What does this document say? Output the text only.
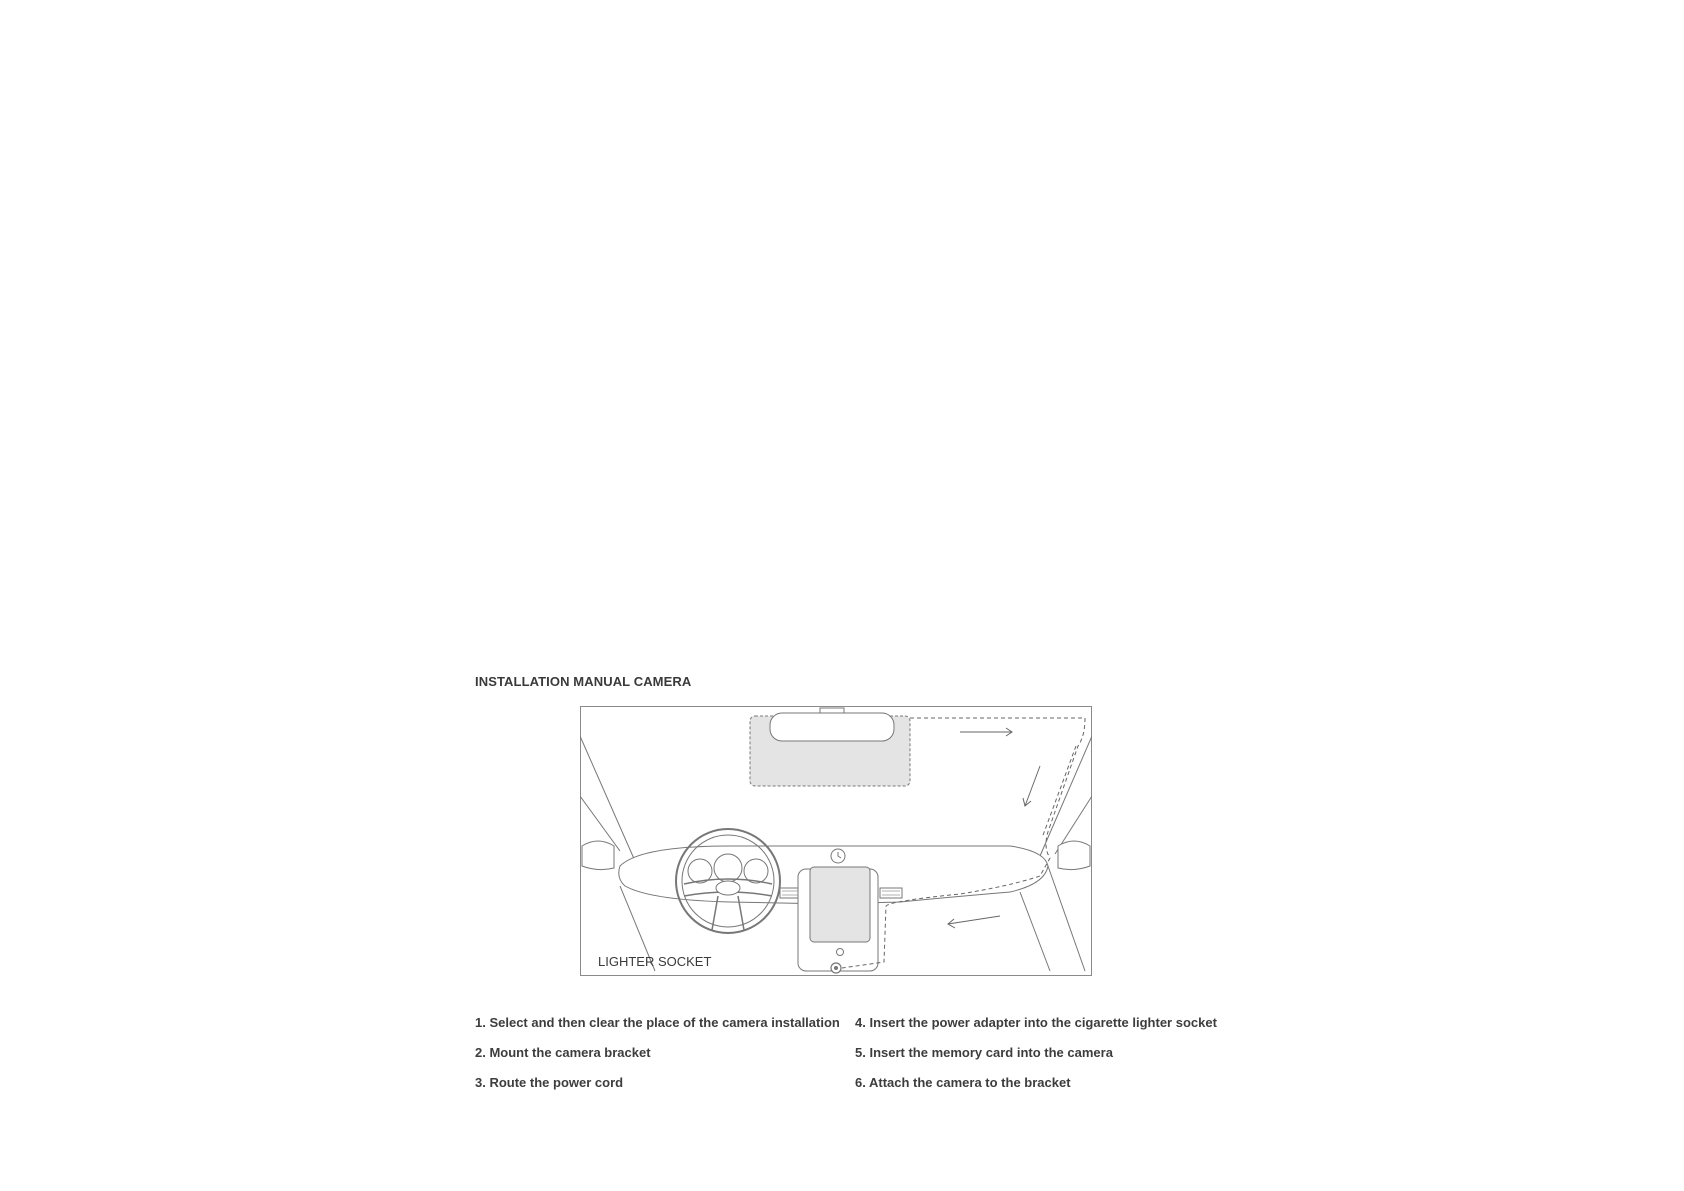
INSTALLATION MANUAL CAMERA
LIGHTER SOCKET
1. Select and then clear the place of the camera installation
2. Mount the camera bracket
3. Route the power cord
4. Insert the power adapter into the cigarette lighter socket
5. Insert the memory card into the camera
6. Attach the camera to the bracket
